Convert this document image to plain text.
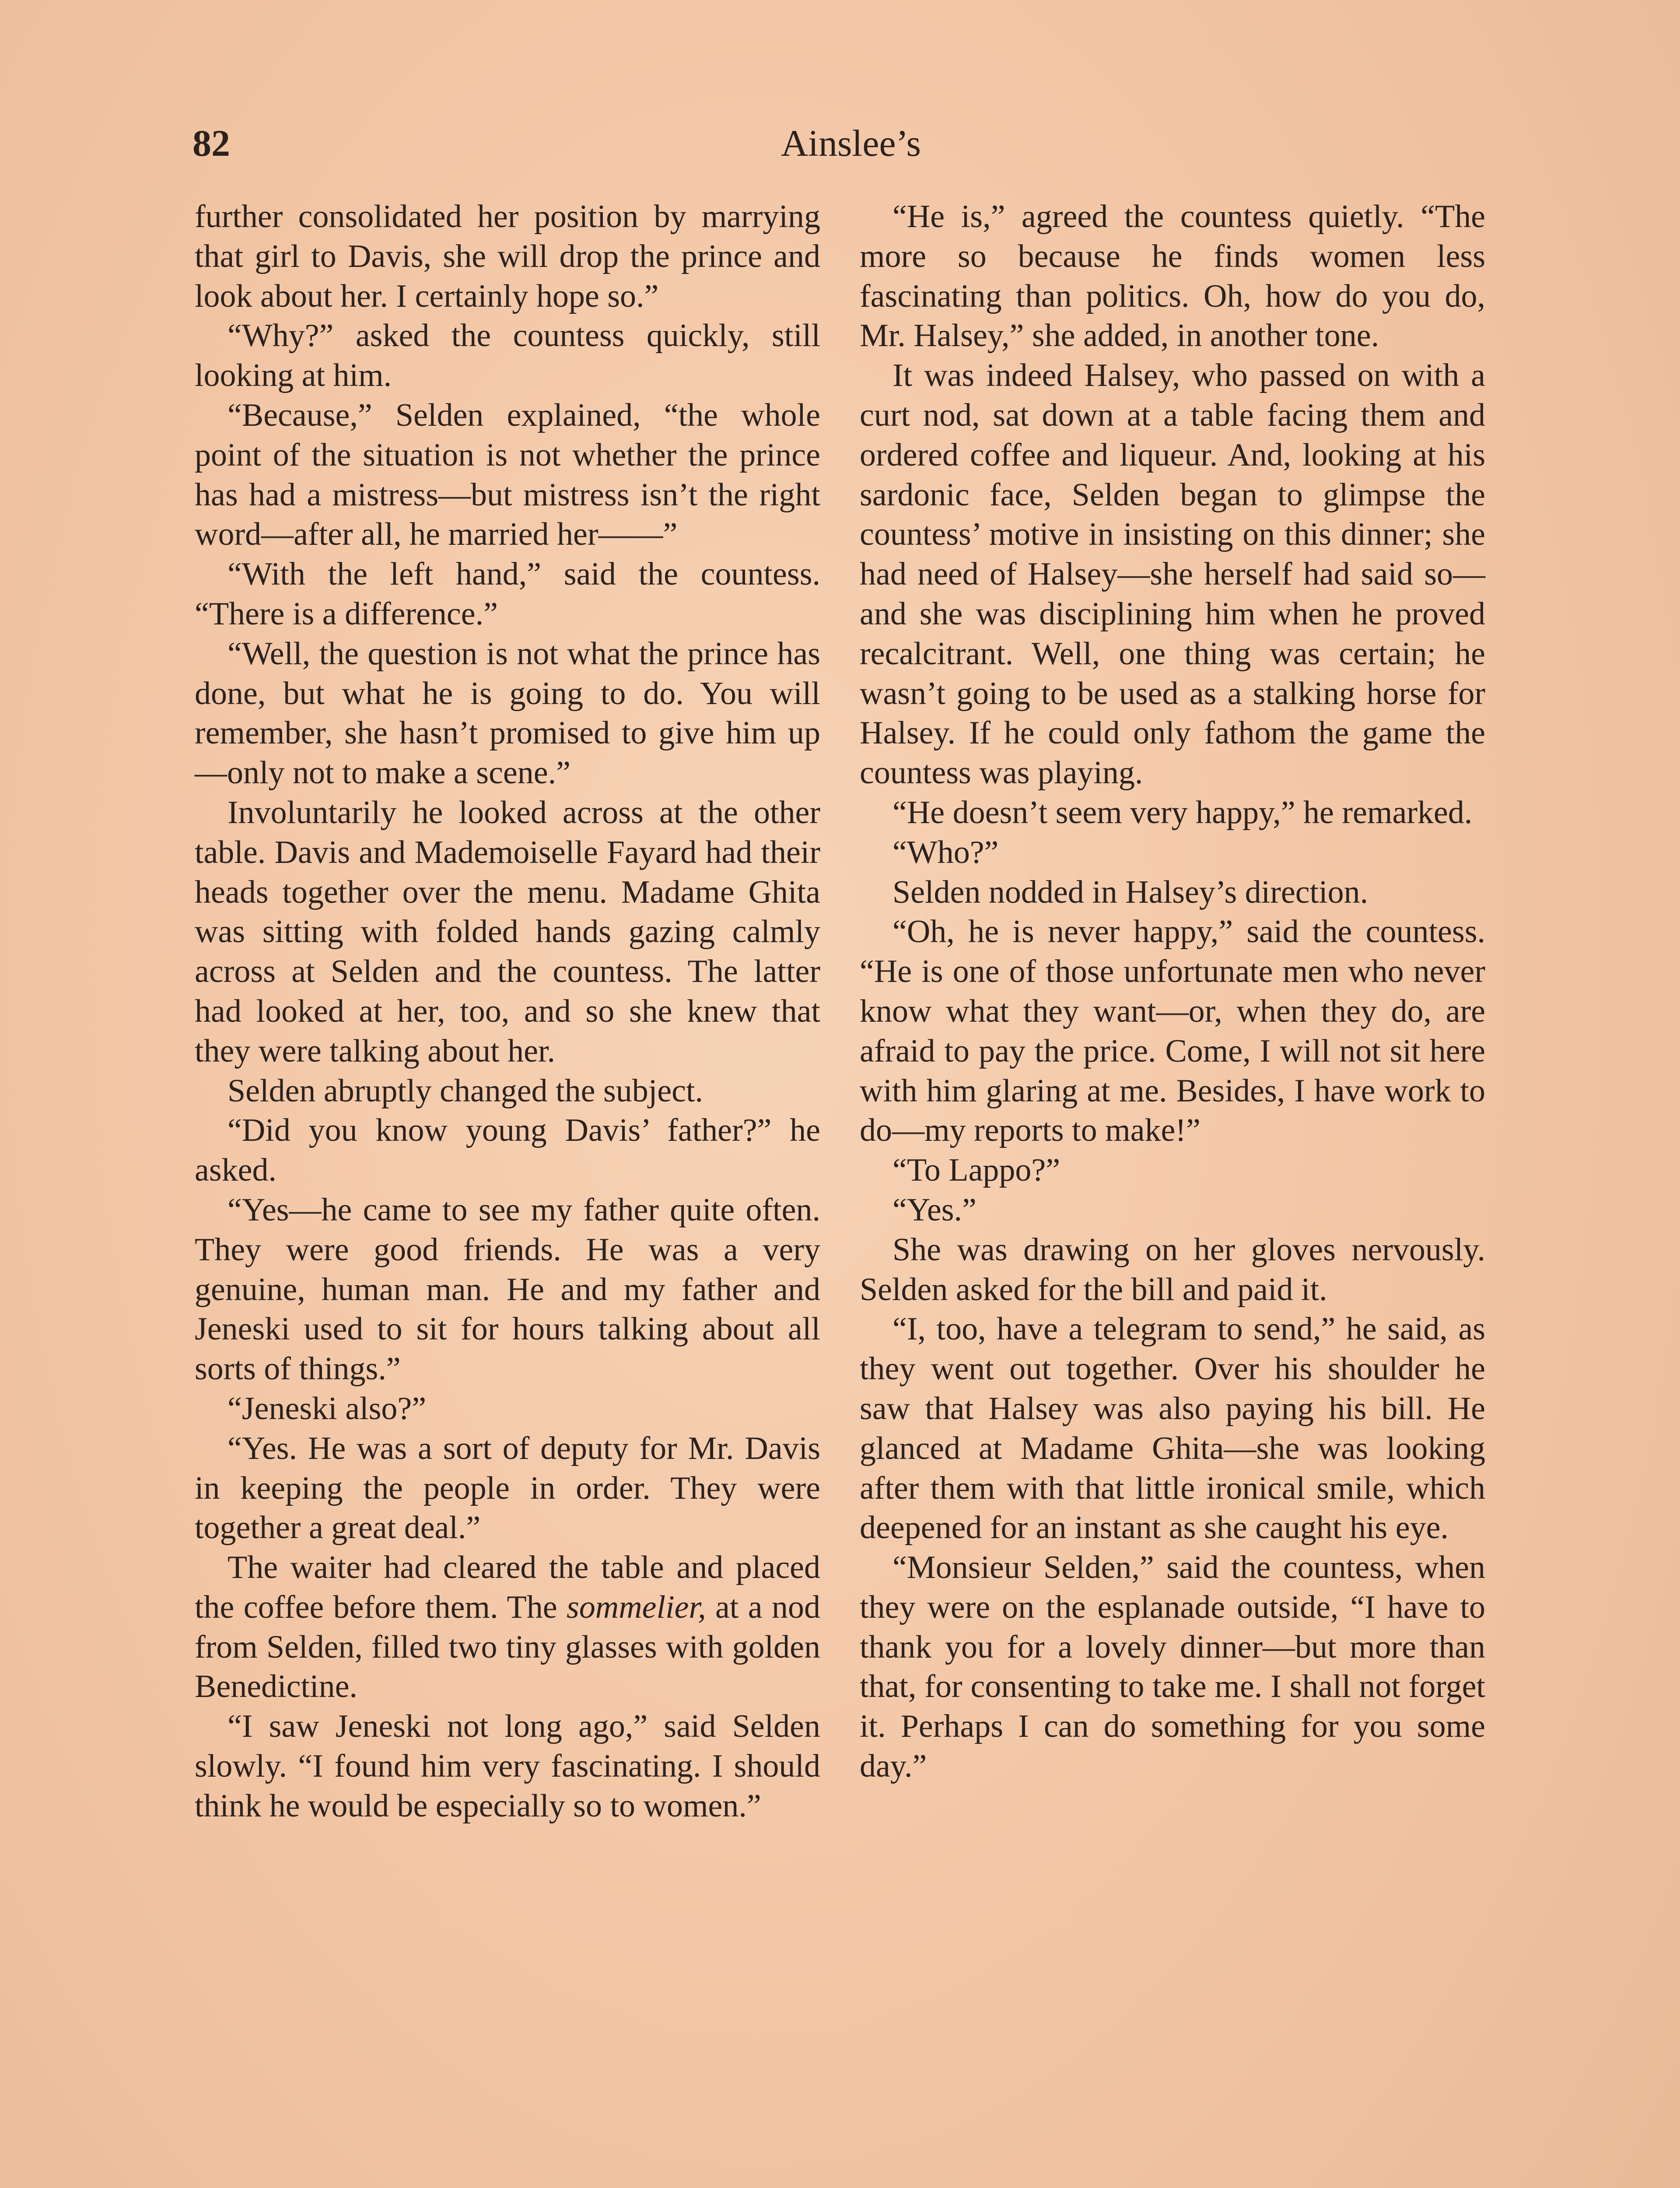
82	Ainslee’s

further consolidated her position by marrying that girl to Davis, she will drop the prince and look about her. I certainly hope so.”

“Why?” asked the countess quickly, still looking at him.

“Because,” Selden explained, “the whole point of the situation is not whether the prince has had a mistress—but mistress isn’t the right word—after all, he married her——”

“With the left hand,” said the countess. “There is a difference.”

“Well, the question is not what the prince has done, but what he is going to do. You will remember, she hasn’t promised to give him up—only not to make a scene.”

Involuntarily he looked across at the other table. Davis and Mademoiselle Fayard had their heads together over the menu. Madame Ghita was sitting with folded hands gazing calmly across at Selden and the countess. The latter had looked at her, too, and so she knew that they were talking about her.

Selden abruptly changed the subject.

“Did you know young Davis’ father?” he asked.

“Yes—he came to see my father quite often. They were good friends. He was a very genuine, human man. He and my father and Jeneski used to sit for hours talking about all sorts of things.”

“Jeneski also?”

“Yes. He was a sort of deputy for Mr. Davis in keeping the people in order. They were together a great deal.”

The waiter had cleared the table and placed the coffee before them. The sommelier, at a nod from Selden, filled two tiny glasses with golden Benedictine.

“I saw Jeneski not long ago,” said Selden slowly. “I found him very fascinating. I should think he would be especially so to women.”

“He is,” agreed the countess quietly. “The more so because he finds women less fascinating than politics. Oh, how do you do, Mr. Halsey,” she added, in another tone.

It was indeed Halsey, who passed on with a curt nod, sat down at a table facing them and ordered coffee and liqueur. And, looking at his sardonic face, Selden began to glimpse the countess’ motive in insisting on this dinner; she had need of Halsey—she herself had said so—and she was disciplining him when he proved recalcitrant. Well, one thing was certain; he wasn’t going to be used as a stalking horse for Halsey. If he could only fathom the game the countess was playing.

“He doesn’t seem very happy,” he remarked.

“Who?”

Selden nodded in Halsey’s direction.

“Oh, he is never happy,” said the countess. “He is one of those unfortunate men who never know what they want—or, when they do, are afraid to pay the price. Come, I will not sit here with him glaring at me. Besides, I have work to do—my reports to make!”

“To Lappo?”

“Yes.”

She was drawing on her gloves nervously. Selden asked for the bill and paid it.

“I, too, have a telegram to send,” he said, as they went out together. Over his shoulder he saw that Halsey was also paying his bill. He glanced at Madame Ghita—she was looking after them with that little ironical smile, which deepened for an instant as she caught his eye.

“Monsieur Selden,” said the countess, when they were on the esplanade outside, “I have to thank you for a lovely dinner—but more than that, for consenting to take me. I shall not forget it. Perhaps I can do something for you some day.”
